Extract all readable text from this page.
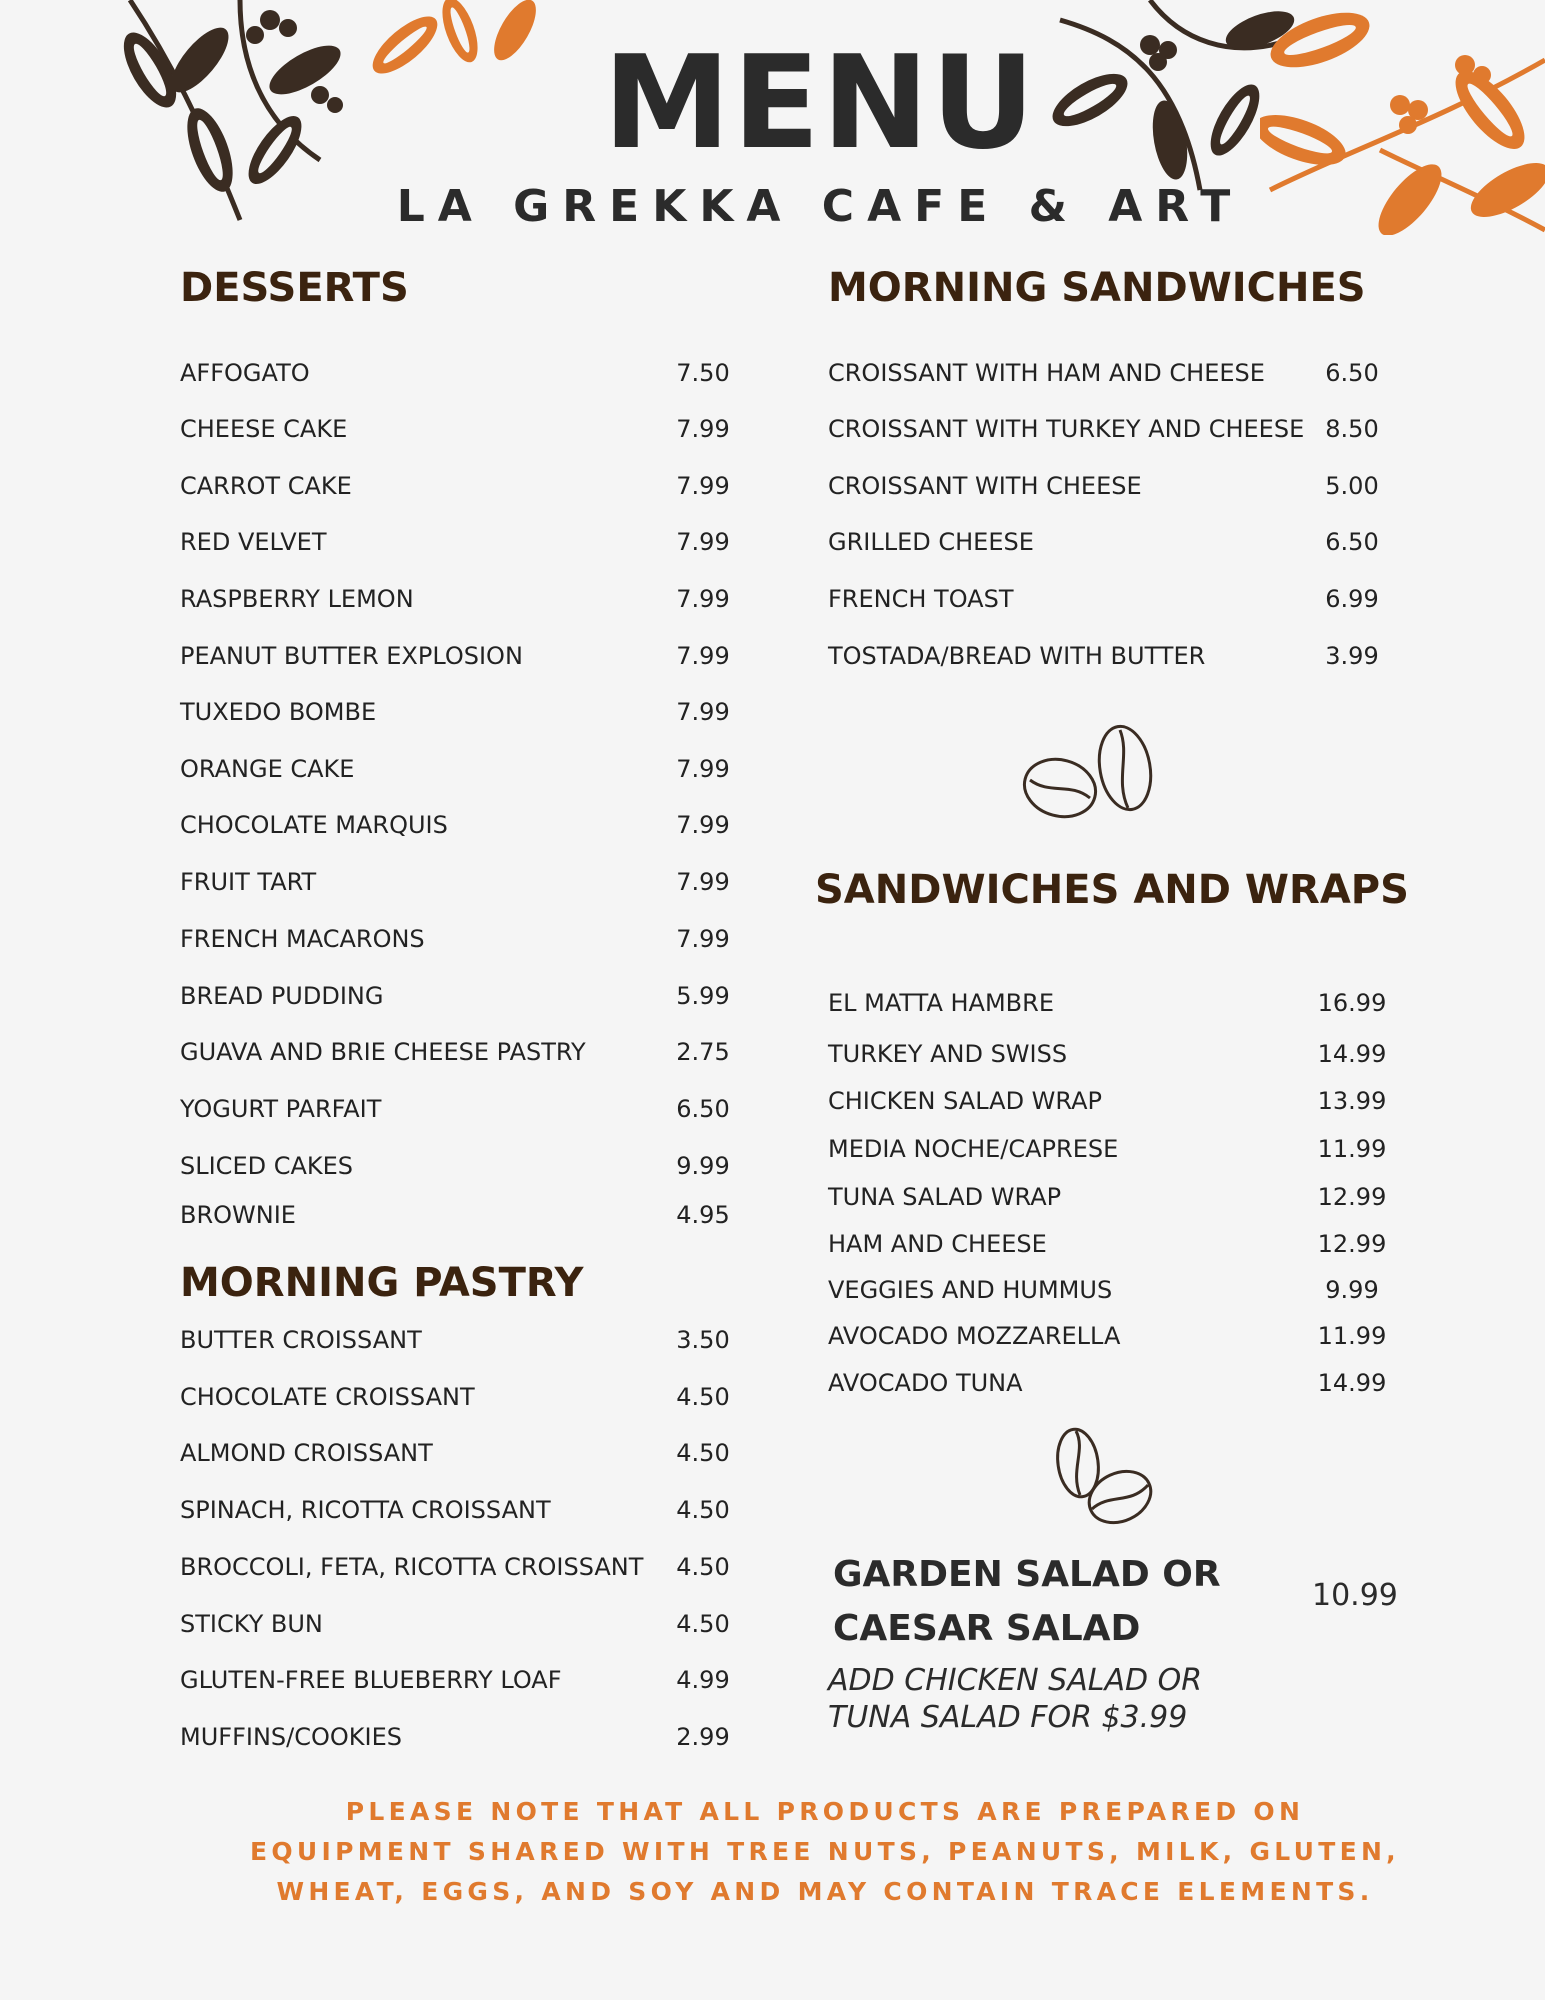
MENU
LA GREKKA CAFE & ART
DESSERTS
AFFOGATO	7.50
CHEESE CAKE	7.99
CARROT CAKE	7.99
RED VELVET	7.99
RASPBERRY LEMON	7.99
PEANUT BUTTER EXPLOSION	7.99
TUXEDO BOMBE	7.99
ORANGE CAKE	7.99
CHOCOLATE MARQUIS	7.99
FRUIT TART	7.99
FRENCH MACARONS	7.99
BREAD PUDDING	5.99
GUAVA AND BRIE CHEESE PASTRY	2.75
YOGURT PARFAIT	6.50
SLICED CAKES	9.99
BROWNIE	4.95
MORNING PASTRY
BUTTER CROISSANT	3.50
CHOCOLATE CROISSANT	4.50
ALMOND CROISSANT	4.50
SPINACH, RICOTTA CROISSANT	4.50
BROCCOLI, FETA, RICOTTA CROISSANT 4.50
STICKY BUN	4.50
GLUTEN-FREE BLUEBERRY LOAF	4.99
MUFFINS/COOKIES	2.99
MORNING SANDWICHES
CROISSANT WITH HAM AND CHEESE	6.50
CROISSANT WITH TURKEY AND CHEESE 8.50
CROISSANT WITH CHEESE	5.00
GRILLED CHEESE	6.50
FRENCH TOAST	6.99
TOSTADA/BREAD WITH BUTTER	3.99
SANDWICHES AND WRAPS
EL MATTA HAMBRE	16.99
TURKEY AND SWISS	14.99
CHICKEN SALAD WRAP	13.99
MEDIA NOCHE/CAPRESE	11.99
TUNA SALAD WRAP	12.99
HAM AND CHEESE	12.99
VEGGIES AND HUMMUS	9.99
AVOCADO MOZZARELLA	11.99
AVOCADO TUNA	14.99
GARDEN SALAD OR
CAESAR SALAD
10.99
ADD CHICKEN SALAD OR
TUNA SALAD FOR $3.99
PLEASE NOTE THAT ALL PRODUCTS ARE PREPARED ON
EQUIPMENT SHARED WITH TREE NUTS, PEANUTS, MILK, GLUTEN,
WHEAT, EGGS, AND SOY AND MAY CONTAIN TRACE ELEMENTS.
